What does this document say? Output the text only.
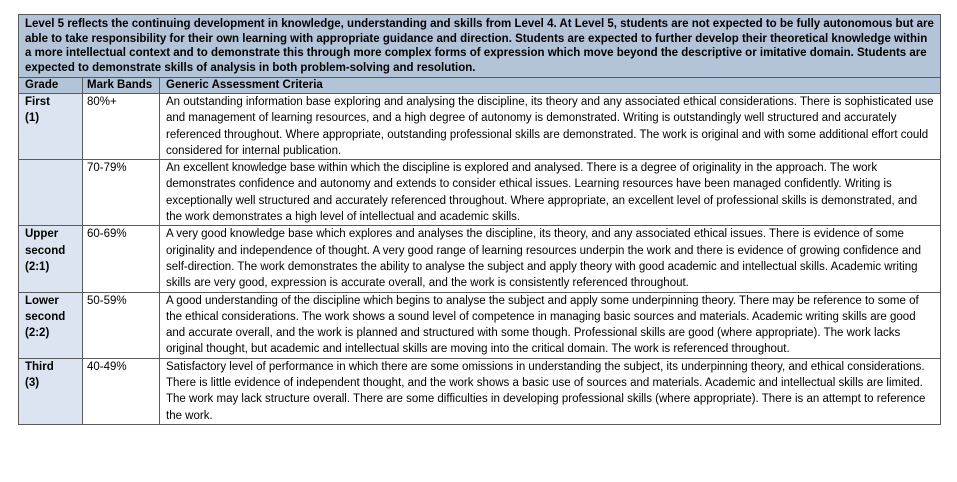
Level 5 reflects the continuing development in knowledge, understanding and skills from Level 4. At Level 5, students are not expected to be fully autonomous but are able to take responsibility for their own learning with appropriate guidance and direction. Students are expected to further develop their theoretical knowledge within a more intellectual context and to demonstrate this through more complex forms of expression which move beyond the descriptive or imitative domain. Students are expected to demonstrate skills of analysis in both problem-solving and resolution.		
Grade	Mark Bands	Generic Assessment Criteria

First
(1)	80%+	An outstanding information base exploring and analysing the discipline, its theory and any associated ethical considerations. There is sophisticated use and management of learning resources, and a high degree of autonomy is demonstrated. Writing is outstandingly well structured and accurately referenced throughout. Where appropriate, outstanding professional skills are demonstrated. The work is original and with some additional effort could considered for internal publication.

	70-79%	An excellent knowledge base within which the discipline is explored and analysed. There is a degree of originality in the approach. The work demonstrates confidence and autonomy and extends to consider ethical issues. Learning resources have been managed confidently. Writing is exceptionally well structured and accurately referenced throughout. Where appropriate, an excellent level of professional skills is demonstrated, and the work demonstrates a high level of intellectual and academic skills.

Upper second
(2:1)	60-69%	A very good knowledge base which explores and analyses the discipline, its theory, and any associated ethical issues. There is evidence of some originality and independence of thought. A very good range of learning resources underpin the work and there is evidence of growing confidence and self-direction. The work demonstrates the ability to analyse the subject and apply theory with good academic and intellectual skills. Academic writing skills are very good, expression is accurate overall, and the work is consistently referenced throughout.

Lower second
(2:2)	50-59%	A good understanding of the discipline which begins to analyse the subject and apply some underpinning theory. There may be reference to some of the ethical considerations. The work shows a sound level of competence in managing basic sources and materials. Academic writing skills are good and accurate overall, and the work is planned and structured with some though. Professional skills are good (where appropriate). The work lacks original thought, but academic and intellectual skills are moving into the critical domain. The work is referenced throughout.

Third
(3)	40-49%	Satisfactory level of performance in which there are some omissions in understanding the subject, its underpinning theory, and ethical considerations. There is little evidence of independent thought, and the work shows a basic use of sources and materials. Academic and intellectual skills are limited. The work may lack structure overall. There are some difficulties in developing professional skills (where appropriate). There is an attempt to reference the work.
